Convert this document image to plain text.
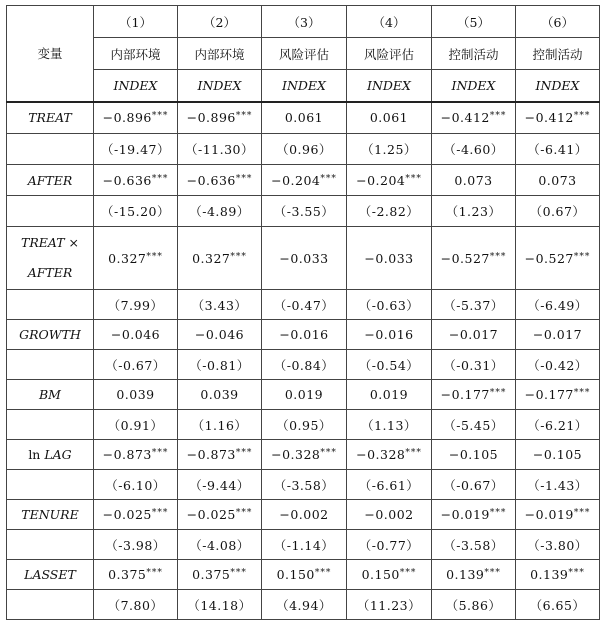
变量	（1）	（2）	（3）	（4）	（5）	（6）
	内部环境	内部环境	风险评估	风险评估	控制活动	控制活动
	INDEX	INDEX	INDEX	INDEX	INDEX	INDEX
TREAT	−0.896***	−0.896***	0.061	0.061	−0.412***	−0.412***
	（-19.47）	（-11.30）	（0.96）	（1.25）	（-4.60）	（-6.41）
AFTER	−0.636***	−0.636***	−0.204***	−0.204***	0.073	0.073
	（-15.20）	（-4.89）	（-3.55）	（-2.82）	（1.23）	（0.67）
TREAT ×
AFTER	0.327***	0.327***	−0.033	−0.033	−0.527***	−0.527***
	（7.99）	（3.43）	（-0.47）	（-0.63）	（-5.37）	（-6.49）
GROWTH	−0.046	−0.046	−0.016	−0.016	−0.017	−0.017
	（-0.67）	（-0.81）	（-0.84）	（-0.54）	（-0.31）	（-0.42）
BM	0.039	0.039	0.019	0.019	−0.177***	−0.177***
	（0.91）	（1.16）	（0.95）	（1.13）	（-5.45）	（-6.21）
ln LAG	−0.873***	−0.873***	−0.328***	−0.328***	−0.105	−0.105
	（-6.10）	（-9.44）	（-3.58）	（-6.61）	（-0.67）	（-1.43）
TENURE	−0.025***	−0.025***	−0.002	−0.002	−0.019***	−0.019***
	（-3.98）	（-4.08）	（-1.14）	（-0.77）	（-3.58）	（-3.80）
LASSET	0.375***	0.375***	0.150***	0.150***	0.139***	0.139***
	（7.80）	（14.18）	（4.94）	（11.23）	（5.86）	（6.65）
